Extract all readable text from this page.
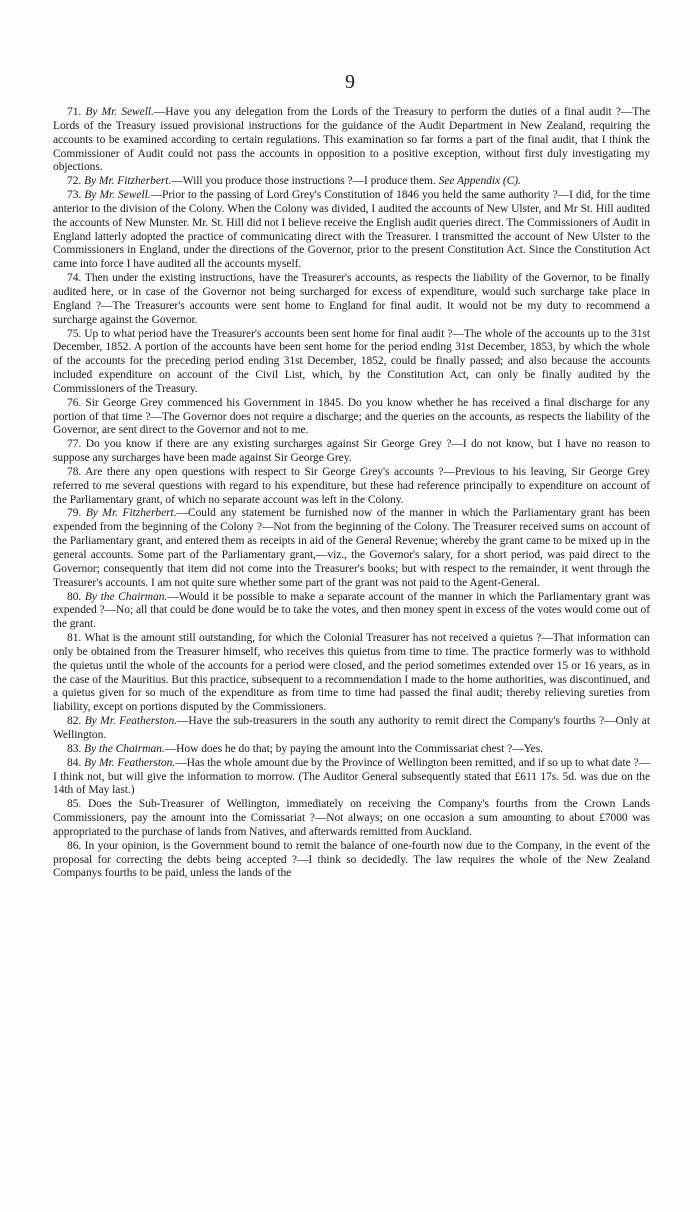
9

71. By Mr. Sewell.—Have you any delegation from the Lords of the Treasury to perform the duties of a final audit ?—The Lords of the Treasury issued provisional instructions for the guidance of the Audit Department in New Zealand, requiring the accounts to be examined according to certain regulations. This examination so far forms a part of the final audit, that I think the Commissioner of Audit could not pass the accounts in opposition to a positive exception, without first duly investigating my objections.

72. By Mr. Fitzherbert.—Will you produce those instructions ?—I produce them. See Appendix (C).

73. By Mr. Sewell.—Prior to the passing of Lord Grey's Constitution of 1846 you held the same authority ?—I did, for the time anterior to the division of the Colony. When the Colony was divided, I audited the accounts of New Ulster, and Mr St. Hill audited the accounts of New Munster. Mr. St. Hill did not I believe receive the English audit queries direct. The Commissioners of Audit in England latterly adopted the practice of communicating direct with the Treasurer. I transmitted the account of New Ulster to the Commissioners in England, under the directions of the Governor, prior to the present Constitution Act. Since the Constitution Act came into force I have audited all the accounts myself.

74. Then under the existing instructions, have the Treasurer's accounts, as respects the liability of the Governor, to be finally audited here, or in case of the Governor not being surcharged for excess of expenditure, would such surcharge take place in England ?—The Treasurer's accounts were sent home to England for final audit. It would not be my duty to recommend a surcharge against the Governor.

75. Up to what period have the Treasurer's accounts been sent home for final audit ?—The whole of the accounts up to the 31st December, 1852. A portion of the accounts have been sent home for the period ending 31st December, 1853, by which the whole of the accounts for the preceding period ending 31st December, 1852, could be finally passed; and also because the accounts included expenditure on account of the Civil List, which, by the Constitution Act, can only be finally audited by the Commissioners of the Treasury.

76. Sir George Grey commenced his Government in 1845. Do you know whether he has received a final discharge for any portion of that time ?—The Governor does not require a discharge; and the queries on the accounts, as respects the liability of the Governor, are sent direct to the Governor and not to me.

77. Do you know if there are any existing surcharges against Sir George Grey ?—I do not know, but I have no reason to suppose any surcharges have been made against Sir George Grey.

78. Are there any open questions with respect to Sir George Grey's accounts ?—Previous to his leaving, Sir George Grey referred to me several questions with regard to his expenditure, but these had reference principally to expenditure on account of the Parliamentary grant, of which no separate account was left in the Colony.

79. By Mr. Fitzherbert.—Could any statement be furnished now of the manner in which the Parliamentary grant has been expended from the beginning of the Colony ?—Not from the beginning of the Colony. The Treasurer received sums on account of the Parliamentary grant, and entered them as receipts in aid of the General Revenue; whereby the grant came to be mixed up in the general accounts. Some part of the Parliamentary grant,—viz., the Governor's salary, for a short period, was paid direct to the Governor; consequently that item did not come into the Treasurer's books; but with respect to the remainder, it went through the Treasurer's accounts. I am not quite sure whether some part of the grant was not paid to the Agent-General.

80. By the Chairman.—Would it be possible to make a separate account of the manner in which the Parliamentary grant was expended ?—No; all that could be done would be to take the votes, and then money spent in excess of the votes would come out of the grant.

81. What is the amount still outstanding, for which the Colonial Treasurer has not received a quietus ?—That information can only be obtained from the Treasurer himself, who receives this quietus from time to time. The practice formerly was to withhold the quietus until the whole of the accounts for a period were closed, and the period sometimes extended over 15 or 16 years, as in the case of the Mauritius. But this practice, subsequent to a recommendation I made to the home authorities, was discontinued, and a quietus given for so much of the expenditure as from time to time had passed the final audit; thereby relieving sureties from liability, except on portions disputed by the Commissioners.

82. By Mr. Featherston.—Have the sub-treasurers in the south any authority to remit direct the Company's fourths ?—Only at Wellington.

83. By the Chairman.—How does he do that; by paying the amount into the Commissariat chest ?—Yes.

84. By Mr. Featherston.—Has the whole amount due by the Province of Wellington been remitted, and if so up to what date ?—I think not, but will give the information to morrow. (The Auditor General subsequently stated that £611 17s. 5d. was due on the 14th of May last.)

85. Does the Sub-Treasurer of Wellington, immediately on receiving the Company's fourths from the Crown Lands Commissioners, pay the amount into the Comissariat ?—Not always; on one occasion a sum amounting to about £7000 was appropriated to the purchase of lands from Natives, and afterwards remitted from Auckland.

86. In your opinion, is the Government bound to remit the balance of one-fourth now due to the Company, in the event of the proposal for correcting the debts being accepted ?—I think so decidedly. The law requires the whole of the New Zealand Companys fourths to be paid, unless the lands of the
